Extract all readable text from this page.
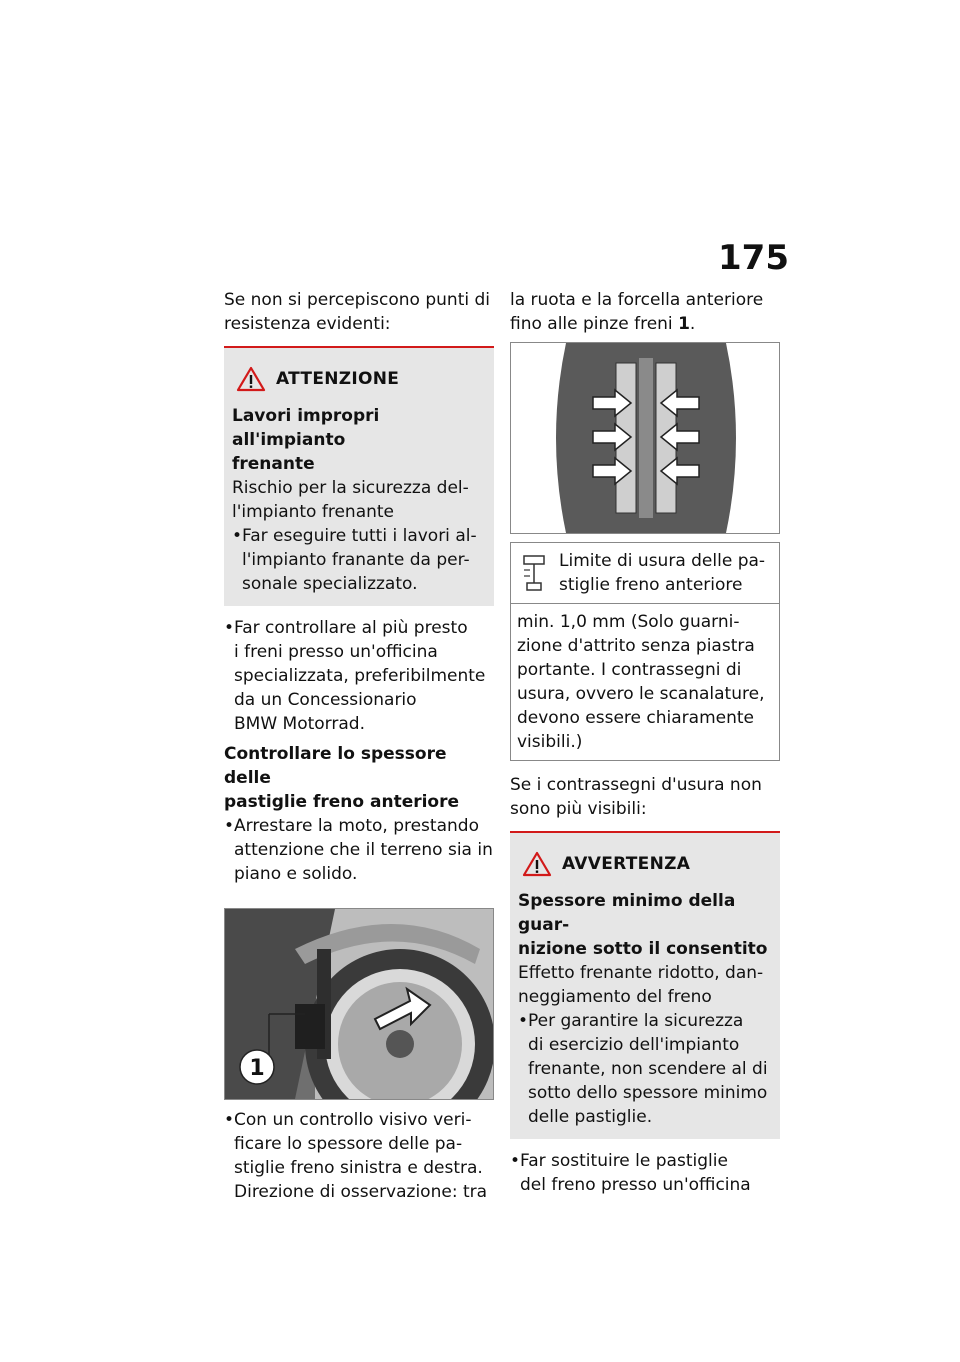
175

Se non si percepiscono punti di
resistenza evidenti:

ATTENZIONE

Lavori impropri all'impianto
frenante

Rischio per la sicurezza del-
l'impianto frenante

• Far eseguire tutti i lavori al-
l'impianto franante da per-
sonale specializzato.
• Far controllare al più presto
i freni presso un'officina
specializzata, preferibilmente
da un Concessionario
BMW Motorrad.

Controllare lo spessore delle
pastiglie freno anteriore

• Arrestare la moto, prestando
attenzione che il terreno sia in
piano e solido.
1
• Con un controllo visivo veri-
ficare lo spessore delle pa-
stiglie freno sinistra e destra.
Direzione di osservazione: tra

la ruota e la forcella anteriore
fino alle pinze freni 1.

Limite di usura delle pa-
stiglie freno anteriore
min. 1,0 mm (Solo guarni-
zione d'attrito senza piastra
portante. I contrassegni di
usura, ovvero le scanalature,
devono essere chiaramente
visibili.)

Se i contrassegni d'usura non
sono più visibili:

AVVERTENZA

Spessore minimo della guar-
nizione sotto il consentito

Effetto frenante ridotto, dan-
neggiamento del freno

• Per garantire la sicurezza
di esercizio dell'impianto
frenante, non scendere al di
sotto dello spessore minimo
delle pastiglie.
• Far sostituire le pastiglie
del freno presso un'officina
